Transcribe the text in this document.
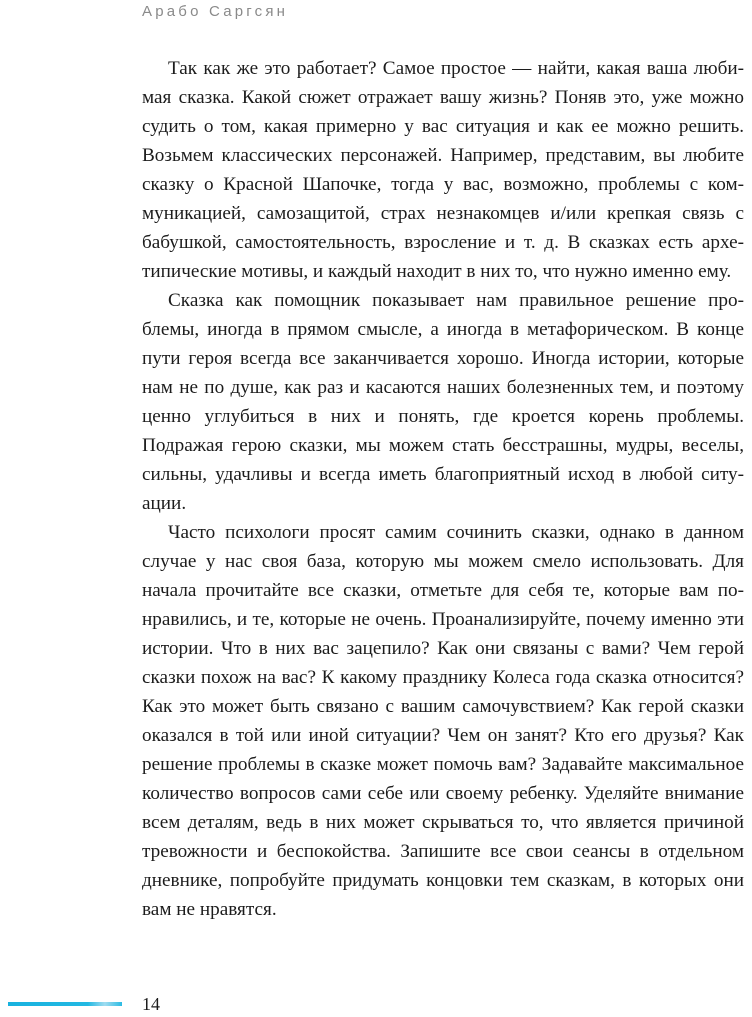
Арабо Саргсян

Так как же это работает? Самое простое — найти, какая ваша любимая сказка. Какой сюжет отражает вашу жизнь? Поняв это, уже можно судить о том, какая примерно у вас ситуация и как ее можно решить. Возьмем классических персонажей. Например, представим, вы любите сказку о Красной Шапочке, тогда у вас, возможно, проблемы с коммуникацией, самозащитой, страх незнакомцев и/или крепкая связь с бабушкой, самостоятельность, взросление и т. д. В сказках есть архетипические мотивы, и каждый находит в них то, что нужно именно ему.

Сказка как помощник показывает нам правильное решение проблемы, иногда в прямом смысле, а иногда в метафорическом. В конце пути героя всегда все заканчивается хорошо. Иногда истории, которые нам не по душе, как раз и касаются наших болезненных тем, и поэтому ценно углубиться в них и понять, где кроется корень проблемы. Подражая герою сказки, мы можем стать бесстрашны, мудры, веселы, сильны, удачливы и всегда иметь благоприятный исход в любой ситуации.

Часто психологи просят самим сочинить сказки, однако в данном случае у нас своя база, которую мы можем смело использовать. Для начала прочитайте все сказки, отметьте для себя те, которые вам понравились, и те, которые не очень. Проанализируйте, почему именно эти истории. Что в них вас зацепило? Как они связаны с вами? Чем герой сказки похож на вас? К какому празднику Колеса года сказка относится? Как это может быть связано с вашим самочувствием? Как герой сказки оказался в той или иной ситуации? Чем он занят? Кто его друзья? Как решение проблемы в сказке может помочь вам? Задавайте максимальное количество вопросов сами себе или своему ребенку. Уделяйте внимание всем деталям, ведь в них может скрываться то, что является причиной тревожности и беспокойства. Запишите все свои сеансы в отдельном дневнике, попробуйте придумать концовки тем сказкам, в которых они вам не нравятся.

14
